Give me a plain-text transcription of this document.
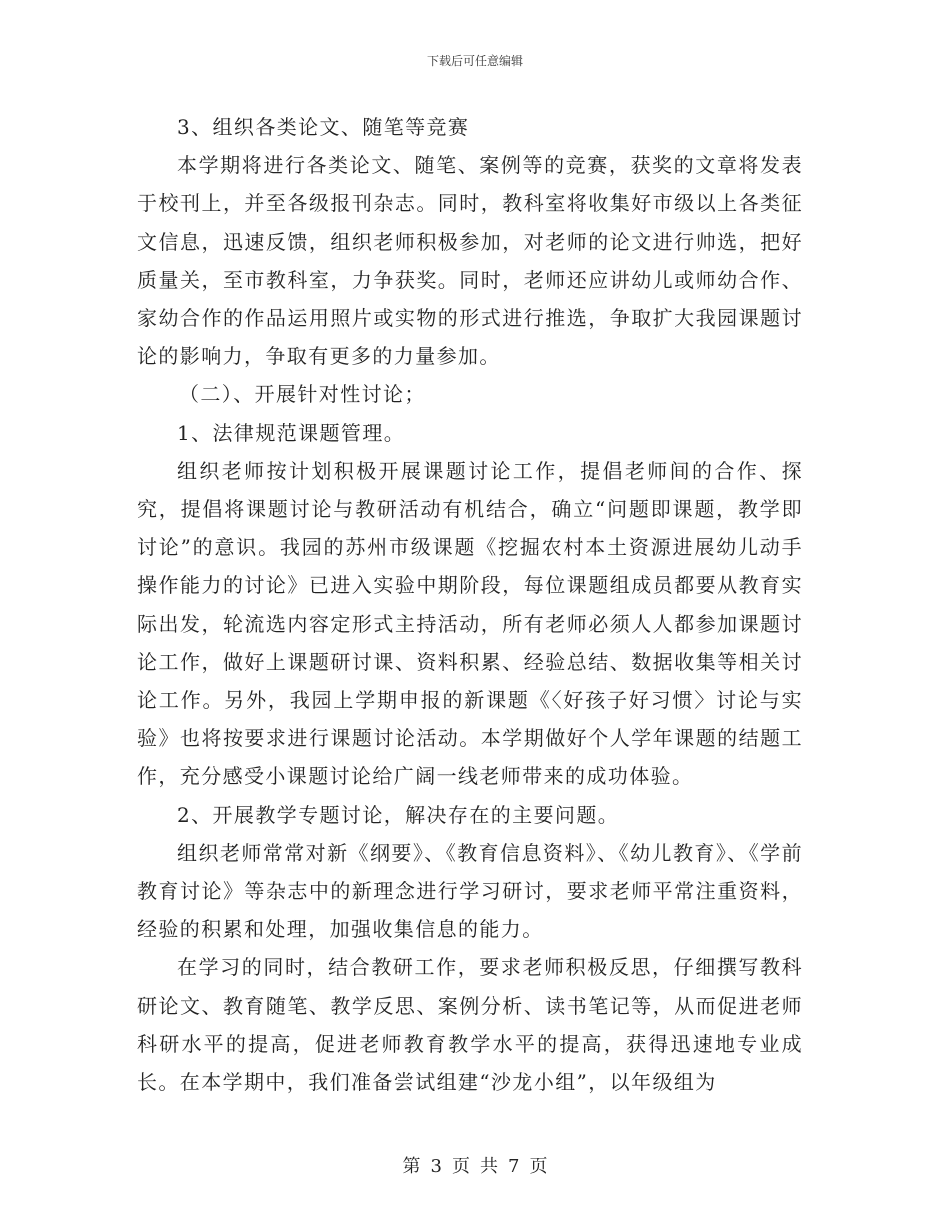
下载后可任意编辑

3、组织各类论文、随笔等竞赛

本学期将进行各类论文、随笔、案例等的竞赛，获奖的文章将发表于校刊上，并至各级报刊杂志。同时，教科室将收集好市级以上各类征文信息，迅速反馈，组织老师积极参加，对老师的论文进行帅选，把好质量关，至市教科室，力争获奖。同时，老师还应讲幼儿或师幼合作、家幼合作的作品运用照片或实物的形式进行推选，争取扩大我园课题讨论的影响力，争取有更多的力量参加。

（二）、开展针对性讨论；

1、法律规范课题管理。

组织老师按计划积极开展课题讨论工作，提倡老师间的合作、探究，提倡将课题讨论与教研活动有机结合，确立“问题即课题，教学即讨论”的意识。我园的苏州市级课题《挖掘农村本土资源进展幼儿动手操作能力的讨论》已进入实验中期阶段，每位课题组成员都要从教育实际出发，轮流选内容定形式主持活动，所有老师必须人人都参加课题讨论工作，做好上课题研讨课、资料积累、经验总结、数据收集等相关讨论工作。另外，我园上学期申报的新课题《〈好孩子好习惯〉讨论与实验》也将按要求进行课题讨论活动。本学期做好个人学年课题的结题工作，充分感受小课题讨论给广阔一线老师带来的成功体验。

2、开展教学专题讨论，解决存在的主要问题。

组织老师常常对新《纲要》、《教育信息资料》、《幼儿教育》、《学前教育讨论》等杂志中的新理念进行学习研讨，要求老师平常注重资料，经验的积累和处理，加强收集信息的能力。

在学习的同时，结合教研工作，要求老师积极反思，仔细撰写教科研论文、教育随笔、教学反思、案例分析、读书笔记等，从而促进老师科研水平的提高，促进老师教育教学水平的提高，获得迅速地专业成长。在本学期中，我们准备尝试组建“沙龙小组”，以年级组为

第 3 页 共 7 页
